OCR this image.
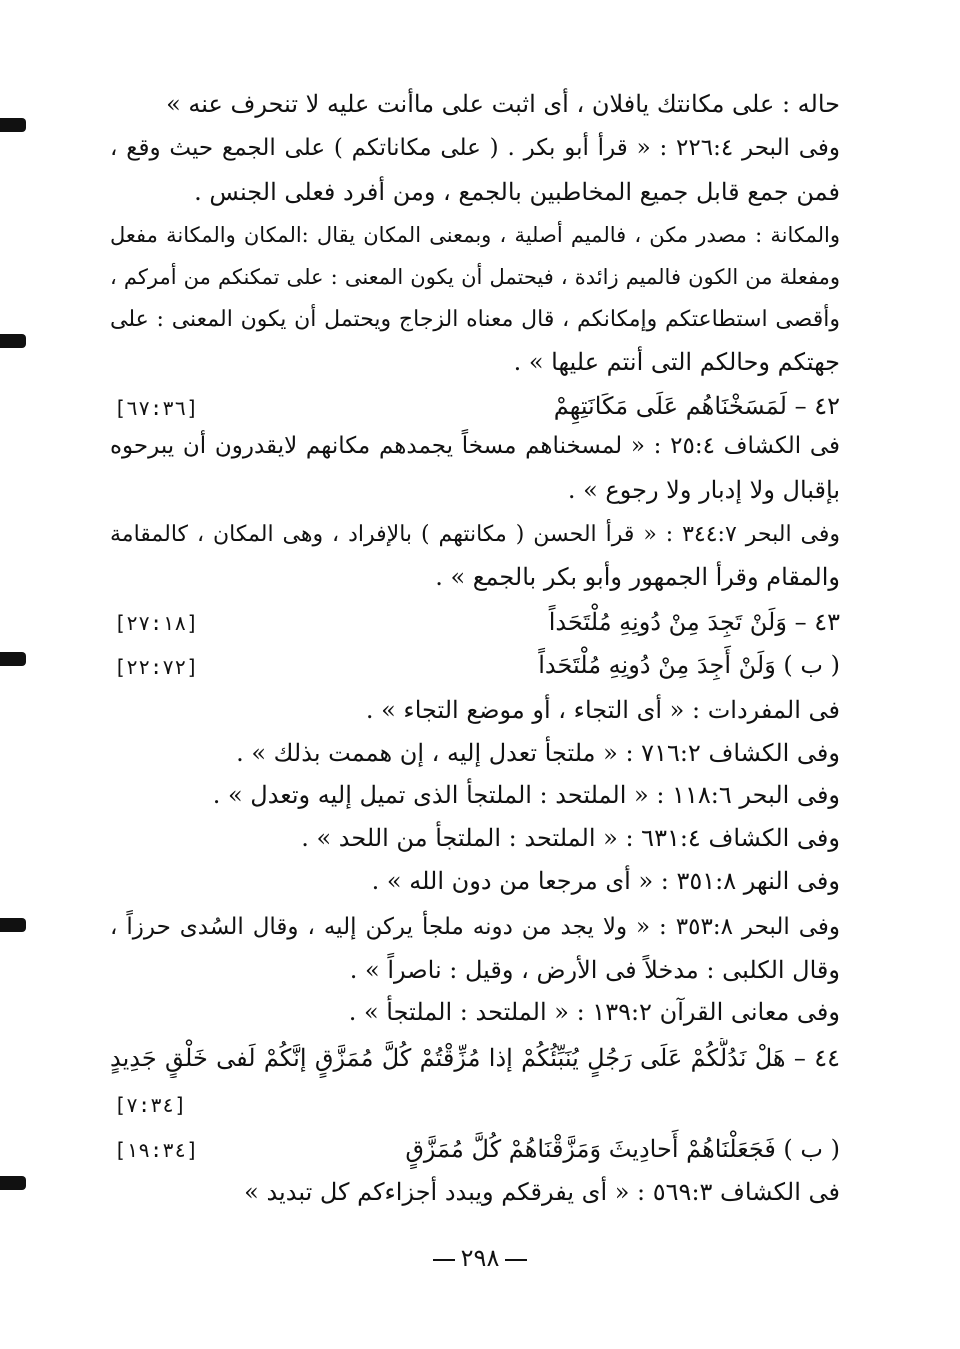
حاله : على مكانتك يافلان ، أى اثبت على ماأنت عليه لا تنحرف عنه »
وفى البحر ٢٢٦:٤ : « قرأ أبو بكر . ( على مكاناتكم ) على الجمع حيث وقع ،
فمن جمع قابل جميع المخاطبين بالجمع ، ومن أفرد فعلى الجنس .
والمكانة : مصدر مكن ، فالميم أصلية ، وبمعنى المكان يقال :المكان والمكانة مفعل
ومفعلة من الكون فالميم زائدة ، فيحتمل أن يكون المعنى : على تمكنكم من أمركم ،
وأقصى استطاعتكم وإمكانكم ، قال معناه الزجاج ويحتمل أن يكون المعنى : على
جهتكم وحالكم التى أنتم عليها » .
٤٢ – لَمَسَخْنَاهُم عَلَى مَكَانَتِهِمْ
[٦٧:٣٦]
فى الكشاف ٢٥:٤ : « لمسخناهم مسخاً يجمدهم مكانهم لايقدرون أن يبرحوه
بإقبال ولا إدبار ولا رجوع » .
وفى البحر ٣٤٤:٧ : « قرأ الحسن ( مكانتهم ) بالإفراد ، وهى المكان ، كالمقامة
والمقام وقرأ الجمهور وأبو بكر بالجمع » .
٤٣ – وَلَنْ تَجِدَ مِنْ دُونِهِ مُلْتَحَداً
[٢٧:١٨]
( ب ) وَلَنْ أَجِدَ مِنْ دُونِهِ مُلْتَحَداً
[٢٢:٧٢]
فى المفردات : « أى التجاء ، أو موضع التجاء » .
وفى الكشاف ٧١٦:٢ : « ملتجأ تعدل إليه ، إن هممت بذلك » .
وفى البحر ١١٨:٦ : « الملتحد : الملتجأ الذى تميل إليه وتعدل » .
وفى الكشاف ٦٣١:٤ : « الملتحد : الملتجأ من اللحد » .
وفى النهر ٣٥١:٨ : « أى مرجعا من دون الله » .
وفى البحر ٣٥٣:٨ : « ولا يجد من دونه ملجأ يركن إليه ، وقال السُدى حرزاً ،
وقال الكلبى : مدخلاً فى الأرض ، وقيل : ناصراً » .
وفى معانى القرآن ١٣٩:٢ : « الملتحد : الملتجأ » .
٤٤ – هَلْ نَدُلُّكُمْ عَلَى رَجُلٍ يُنَبِّئُكُمْ إذا مُزِّقْتُمْ كُلَّ مُمَزَّقٍ إنَّكُمْ لَفى خَلْقٍ جَدِيدٍ
[٧:٣٤]
( ب ) فَجَعَلْنَاهُمْ أَحادِيثَ وَمَزَّقْنَاهُمْ كُلَّ مُمَزَّقٍ
[١٩:٣٤]
فى الكشاف ٥٦٩:٣ : « أى يفرقكم ويبدد أجزاءكم كل تبديد »
٢٩٨
